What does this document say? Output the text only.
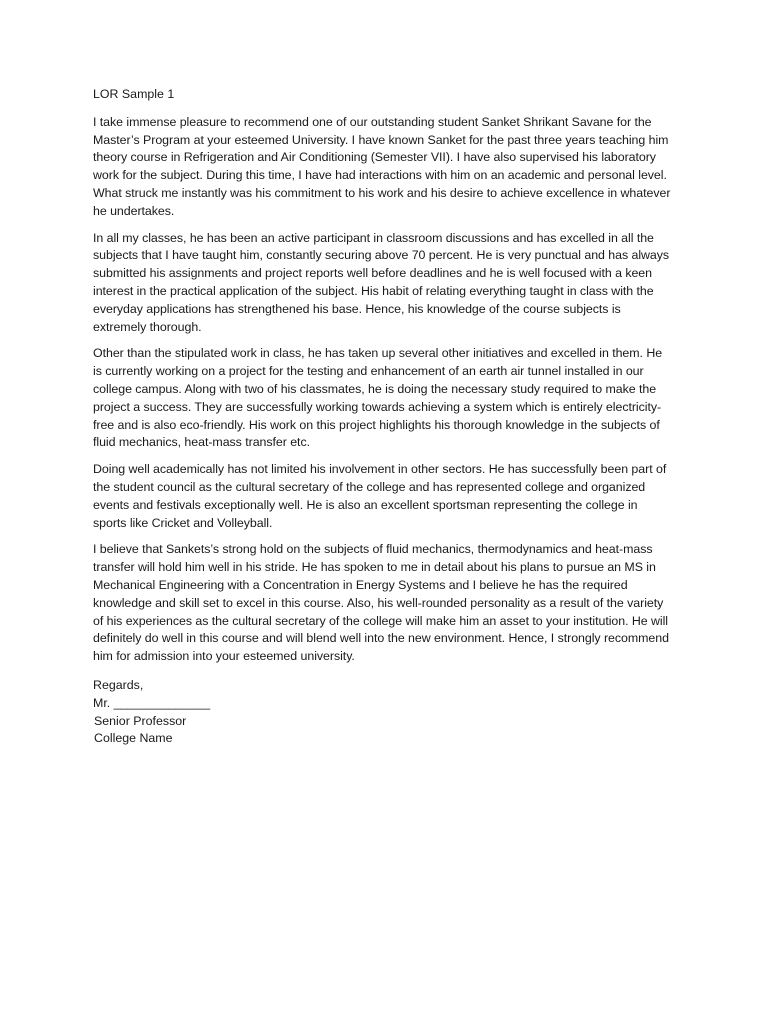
LOR Sample 1

I take immense pleasure to recommend one of our outstanding student Sanket Shrikant Savane for the Master’s Program at your esteemed University. I have known Sanket for the past three years teaching him theory course in Refrigeration and Air Conditioning (Semester VII). I have also supervised his laboratory work for the subject. During this time, I have had interactions with him on an academic and personal level. What struck me instantly was his commitment to his work and his desire to achieve excellence in whatever he undertakes.

In all my classes, he has been an active participant in classroom discussions and has excelled in all the subjects that I have taught him, constantly securing above 70 percent. He is very punctual and has always submitted his assignments and project reports well before deadlines and he is well focused with a keen interest in the practical application of the subject. His habit of relating everything taught in class with the everyday applications has strengthened his base. Hence, his knowledge of the course subjects is extremely thorough.

Other than the stipulated work in class, he has taken up several other initiatives and excelled in them. He is currently working on a project for the testing and enhancement of an earth air tunnel installed in our college campus. Along with two of his classmates, he is doing the necessary study required to make the project a success. They are successfully working towards achieving a system which is entirely electricity-free and is also eco-friendly. His work on this project highlights his thorough knowledge in the subjects of fluid mechanics, heat-mass transfer etc.

Doing well academically has not limited his involvement in other sectors. He has successfully been part of the student council as the cultural secretary of the college and has represented college and organized events and festivals exceptionally well. He is also an excellent sportsman representing the college in sports like Cricket and Volleyball.

I believe that Sankets’s strong hold on the subjects of fluid mechanics, thermodynamics and heat-mass transfer will hold him well in his stride. He has spoken to me in detail about his plans to pursue an MS in Mechanical Engineering with a Concentration in Energy Systems and I believe he has the required knowledge and skill set to excel in this course. Also, his well-rounded personality as a result of the variety of his experiences as the cultural secretary of the college will make him an asset to your institution. He will definitely do well in this course and will blend well into the new environment. Hence, I strongly recommend him for admission into your esteemed university.

Regards,
Mr. ______________
Senior Professor
College Name
